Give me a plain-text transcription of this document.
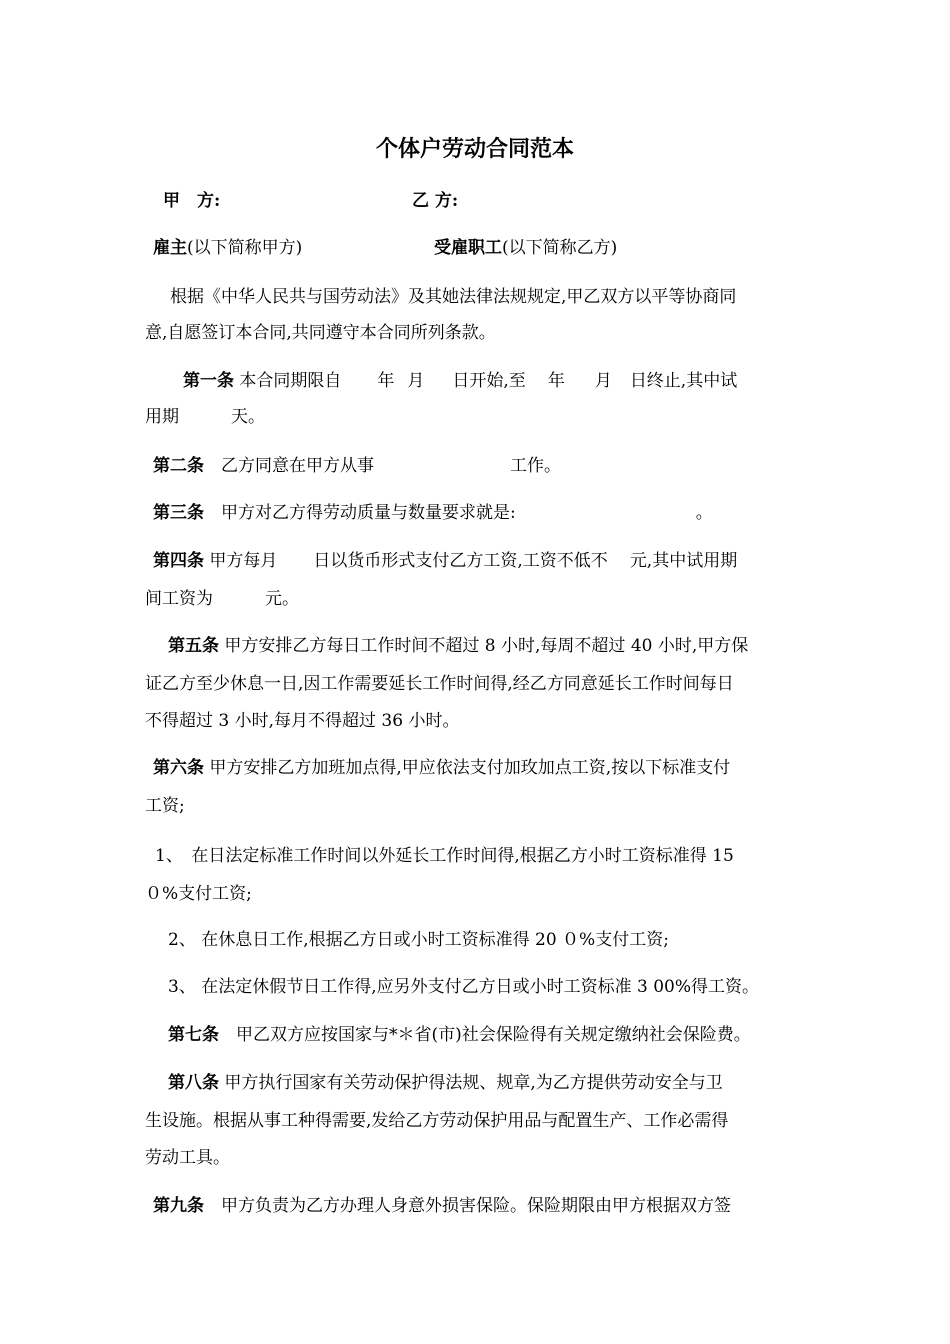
个体户劳动合同范本
甲　方:	乙 方:
雇主(以下简称甲方)	受雇职工(以下简称乙方)
根据《中华人民共与国劳动法》及其她法律法规规定,甲乙双方以平等协商同
意,自愿签订本合同,共同遵守本合同所列条款。
第一条 本合同期限自 年 月 日开始,至 年 月 日终止,其中试
用期	天。
第二条　乙方同意在甲方从事	工作。
第三条　甲方对乙方得劳动质量与数量要求就是:	。
第四条 甲方每月 日以货币形式支付乙方工资,工资不低不 元,其中试用期
间工资为	元。
第五条 甲方安排乙方每日工作时间不超过 8 小时,每周不超过 40 小时,甲方保
证乙方至少休息一日,因工作需要延长工作时间得,经乙方同意延长工作时间每日
不得超过 3 小时,每月不得超过 36 小时。
第六条 甲方安排乙方加班加点得,甲应依法支付加玫加点工资,按以下标准支付
工资;
1、　在日法定标准工作时间以外延长工作时间得,根据乙方小时工资标准得 15
０%支付工资;
2、 在休息日工作,根据乙方日或小时工资标准得 20 ０%支付工资;
3、 在法定休假节日工作得,应另外支付乙方日或小时工资标准 3 00%得工资。
第七条　甲乙双方应按国家与*＊省(市)社会保险得有关规定缴纳社会保险费。
第八条 甲方执行国家有关劳动保护得法规、规章,为乙方提供劳动安全与卫
生设施。根据从事工种得需要,发给乙方劳动保护用品与配置生产、工作必需得
劳动工具。
第九条　甲方负责为乙方办理人身意外损害保险。保险期限由甲方根据双方签
